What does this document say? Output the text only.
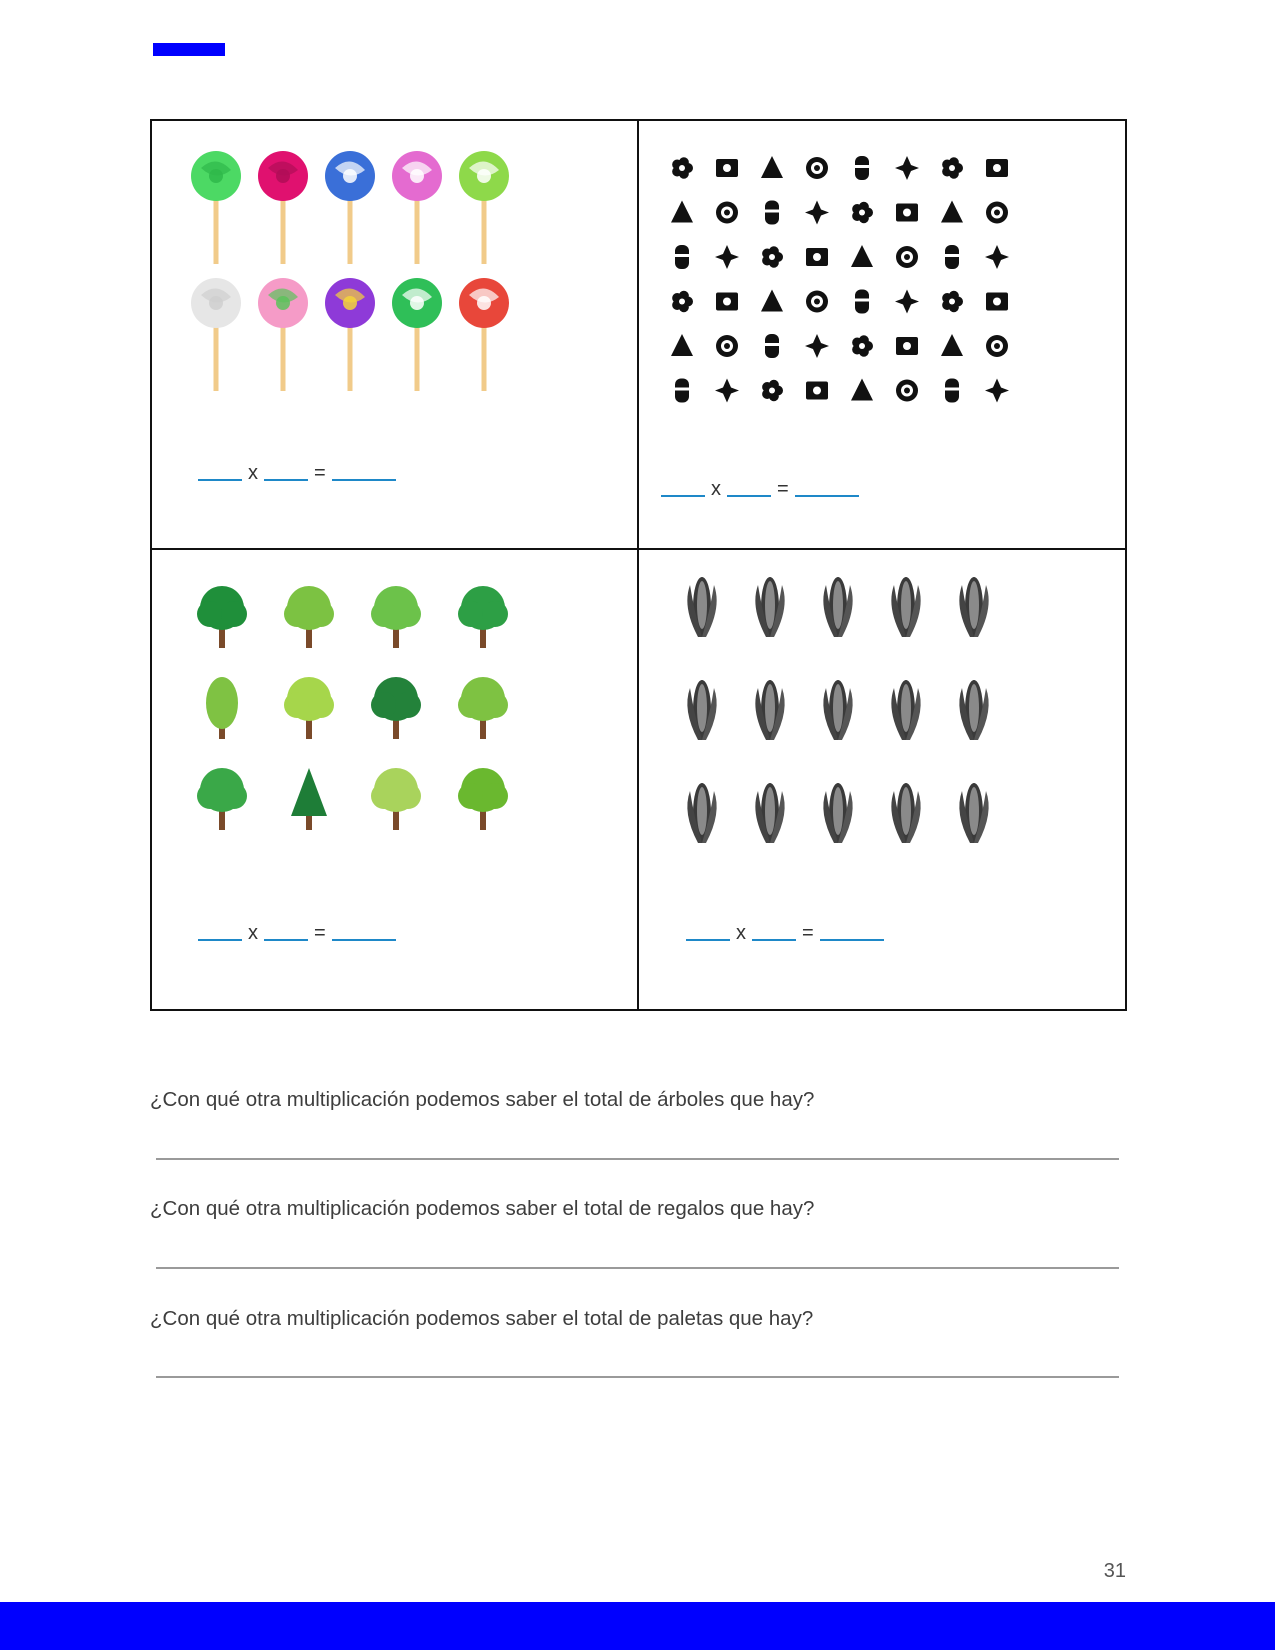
x	=
x	=
x	=	x	=
¿Con qué otra multiplicación podemos saber el total de árboles que hay?
¿Con qué otra multiplicación podemos saber el total de regalos que hay?
¿Con qué otra multiplicación podemos saber el total de paletas que hay?
31
